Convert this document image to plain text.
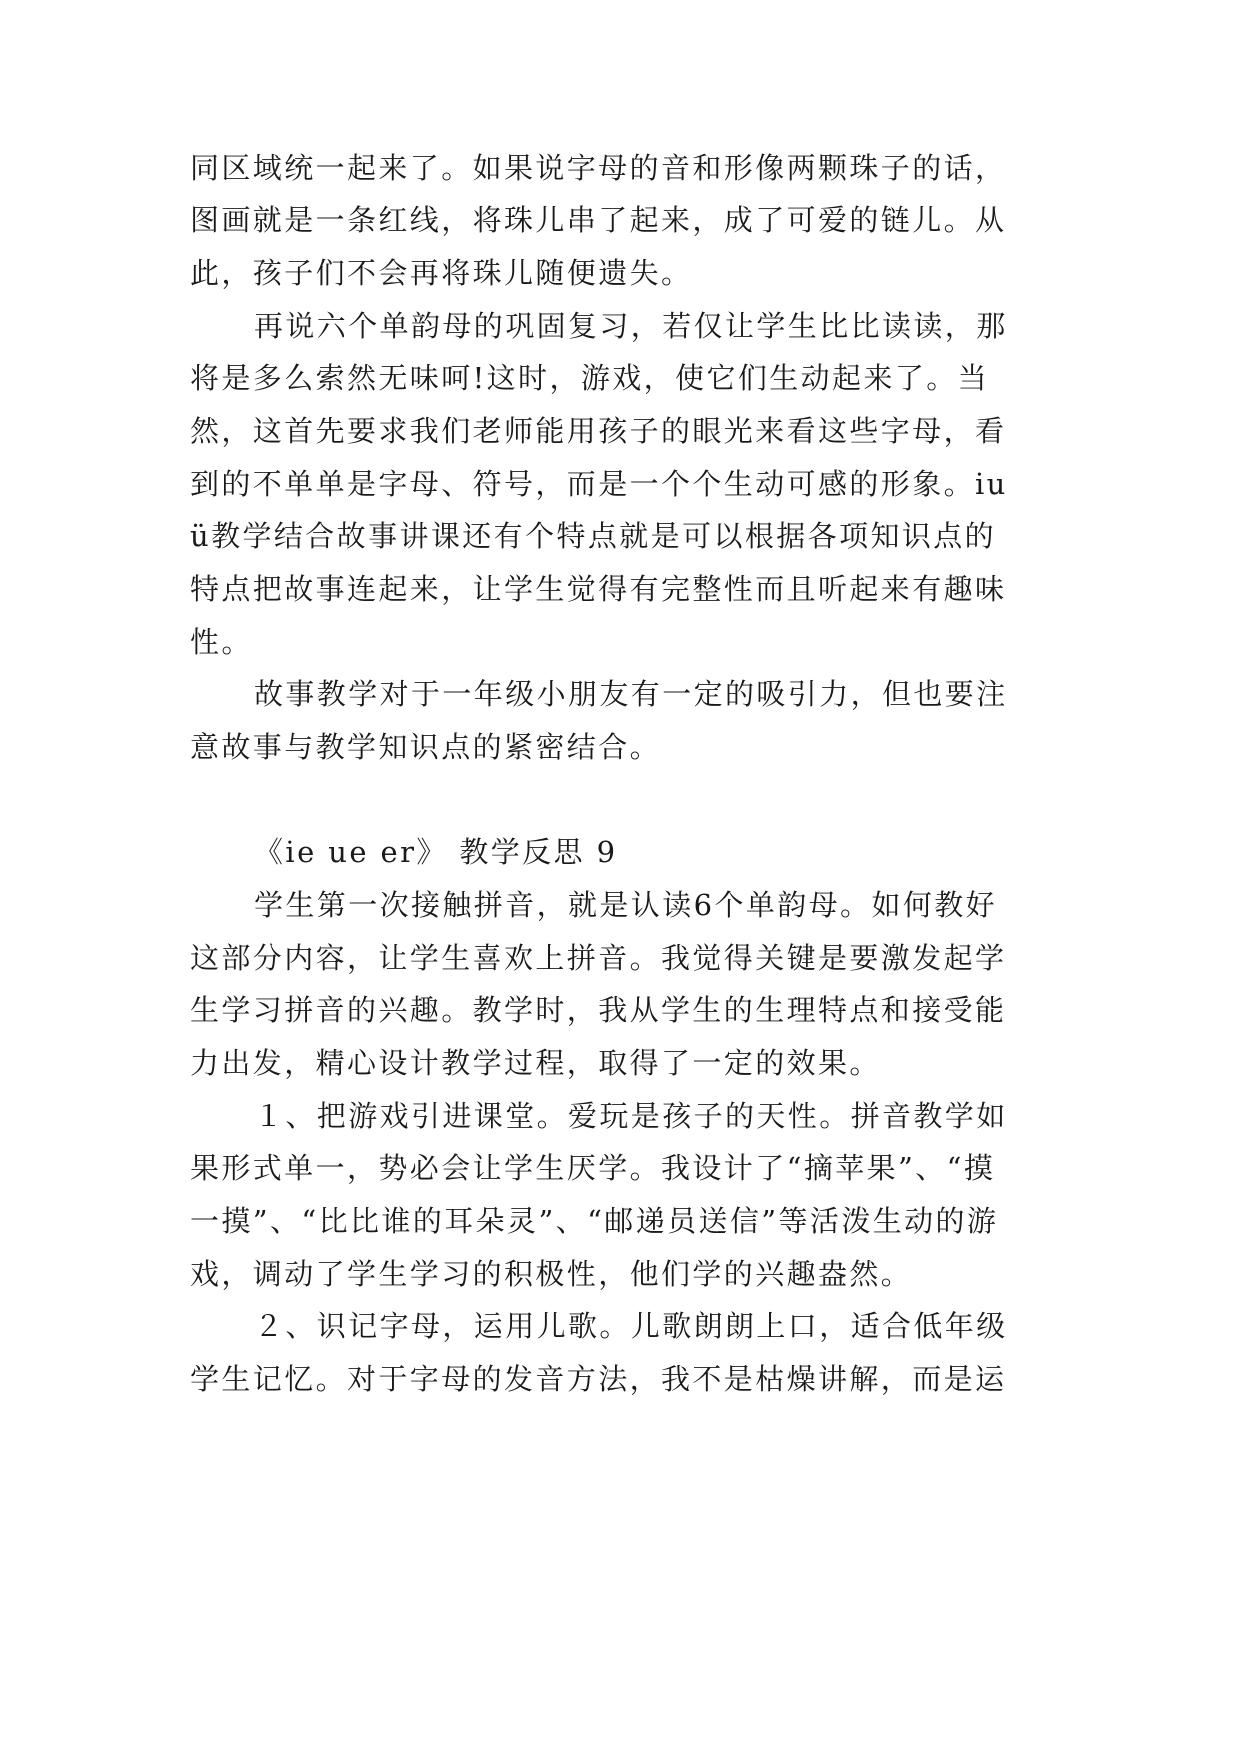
同区域统一起来了。如果说字母的音和形像两颗珠子的话，
图画就是一条红线，将珠儿串了起来，成了可爱的链儿。从
此，孩子们不会再将珠儿随便遗失。
再说六个单韵母的巩固复习，若仅让学生比比读读，那
将是多么索然无味呵!这时，游戏，使它们生动起来了。当
然，这首先要求我们老师能用孩子的眼光来看这些字母，看
到的不单单是字母、符号，而是一个个生动可感的形象。iu
ü教学结合故事讲课还有个特点就是可以根据各项知识点的
特点把故事连起来，让学生觉得有完整性而且听起来有趣味
性。
故事教学对于一年级小朋友有一定的吸引力，但也要注
意故事与教学知识点的紧密结合。
《ie ue er》 教学反思 9
学生第一次接触拼音，就是认读6个单韵母。如何教好
这部分内容，让学生喜欢上拼音。我觉得关键是要激发起学
生学习拼音的兴趣。教学时，我从学生的生理特点和接受能
力出发，精心设计教学过程，取得了一定的效果。
１、把游戏引进课堂。爱玩是孩子的天性。拼音教学如
果形式单一，势必会让学生厌学。我设计了“摘苹果”、“摸
一摸”、“比比谁的耳朵灵”、“邮递员送信”等活泼生动的游
戏，调动了学生学习的积极性，他们学的兴趣盎然。
２、识记字母，运用儿歌。儿歌朗朗上口，适合低年级
学生记忆。对于字母的发音方法，我不是枯燥讲解，而是运
